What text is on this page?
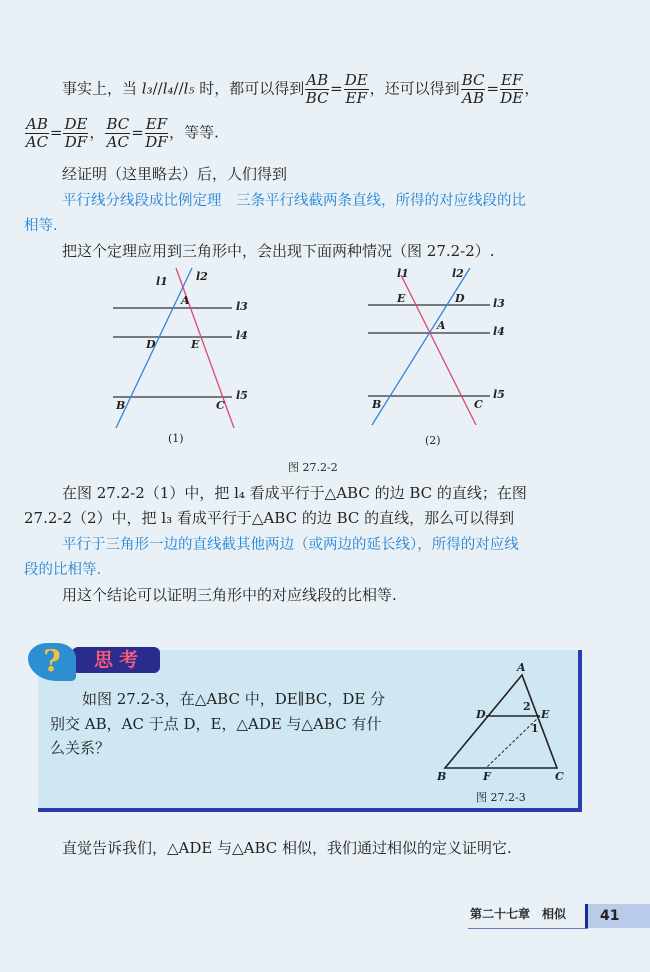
事实上，当 l₃//l₄//l₅ 时，都可以得到 $\frac{AB}{BC} = \frac{DE}{EF}$ ，还可以得到 $\frac{BC}{AB} = \frac{EF}{DE}$ ，
$\frac{AB}{AC} = \frac{DE}{DF}$ ， $\frac{BC}{AC} = \frac{EF}{DF}$ ，等等.
经证明（这里略去）后，人们得到
平行线分线段成比例定理　三条平行线截两条直线，所得的对应线段的比
相等.
把这个定理应用到三角形中，会出现下面两种情况（图 27.2-2）.
l1	l2
A	l3
D	E
l4
B	C
l5
(1)
l1	l2
E	D	l3
A	l4
B	C
l5
(2)
图 27.2-2
在图 27.2-2（1）中，把 l₄ 看成平行于△ABC 的边 BC 的直线；在图
27.2-2（2）中，把 l₃ 看成平行于△ABC 的边 BC 的直线，那么可以得到
平行于三角形一边的直线截其他两边（或两边的延长线），所得的对应线
段的比相等.
用这个结论可以证明三角形中的对应线段的比相等.
思考
?
如图 27.2-3，在△ABC 中，DE∥BC，DE 分
别交 AB，AC 于点 D，E，△ADE 与△ABC 有什
么关系？
A
D	E
2
1
B	F	C
图 27.2-3
直觉告诉我们，△ADE 与△ABC 相似，我们通过相似的定义证明它.
第二十七章　相似	41
